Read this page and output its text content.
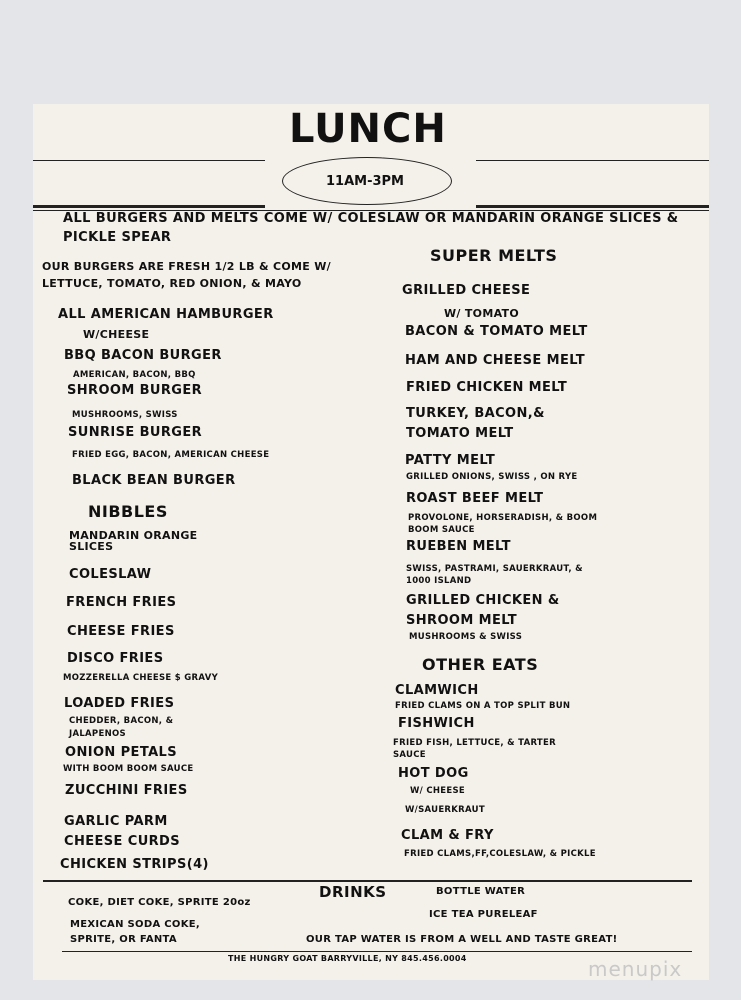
LUNCH
11AM-3PM
ALL BURGERS AND MELTS COME W/ COLESLAW OR MANDARIN ORANGE SLICES &
PICKLE SPEAR
OUR BURGERS ARE FRESH 1/2 LB & COME W/
LETTUCE, TOMATO, RED ONION, & MAYO
ALL AMERICAN HAMBURGER
W/CHEESE
BBQ BACON BURGER
AMERICAN, BACON, BBQ
SHROOM BURGER
MUSHROOMS, SWISS
SUNRISE BURGER
FRIED EGG, BACON, AMERICAN CHEESE
BLACK BEAN BURGER
NIBBLES
MANDARIN ORANGE
SLICES
COLESLAW
FRENCH FRIES
CHEESE FRIES
DISCO FRIES
MOZZERELLA CHEESE $ GRAVY
LOADED FRIES
CHEDDER, BACON, &
JALAPENOS
ONION PETALS
WITH BOOM BOOM SAUCE
ZUCCHINI FRIES
GARLIC PARM
CHEESE CURDS
CHICKEN STRIPS(4)
SUPER MELTS
GRILLED CHEESE
W/ TOMATO
BACON & TOMATO MELT
HAM AND CHEESE MELT
FRIED CHICKEN MELT
TURKEY, BACON,&
TOMATO MELT
PATTY MELT
GRILLED ONIONS, SWISS , ON RYE
ROAST BEEF MELT
PROVOLONE, HORSERADISH, & BOOM
BOOM SAUCE
RUEBEN MELT
SWISS, PASTRAMI, SAUERKRAUT, &
1000 ISLAND
GRILLED CHICKEN &
SHROOM MELT
MUSHROOMS & SWISS
OTHER EATS
CLAMWICH
FRIED CLAMS ON A TOP SPLIT BUN
FISHWICH
FRIED FISH, LETTUCE, & TARTER
SAUCE
HOT DOG
W/ CHEESE
W/SAUERKRAUT
CLAM & FRY
FRIED CLAMS,FF,COLESLAW, & PICKLE
DRINKS	BOTTLE WATER
COKE, DIET COKE, SPRITE 20oz
ICE TEA PURELEAF
MEXICAN SODA COKE,
SPRITE, OR FANTA	OUR TAP WATER IS FROM A WELL AND TASTE GREAT!
THE HUNGRY GOAT BARRYVILLE, NY 845.456.0004	menupix
